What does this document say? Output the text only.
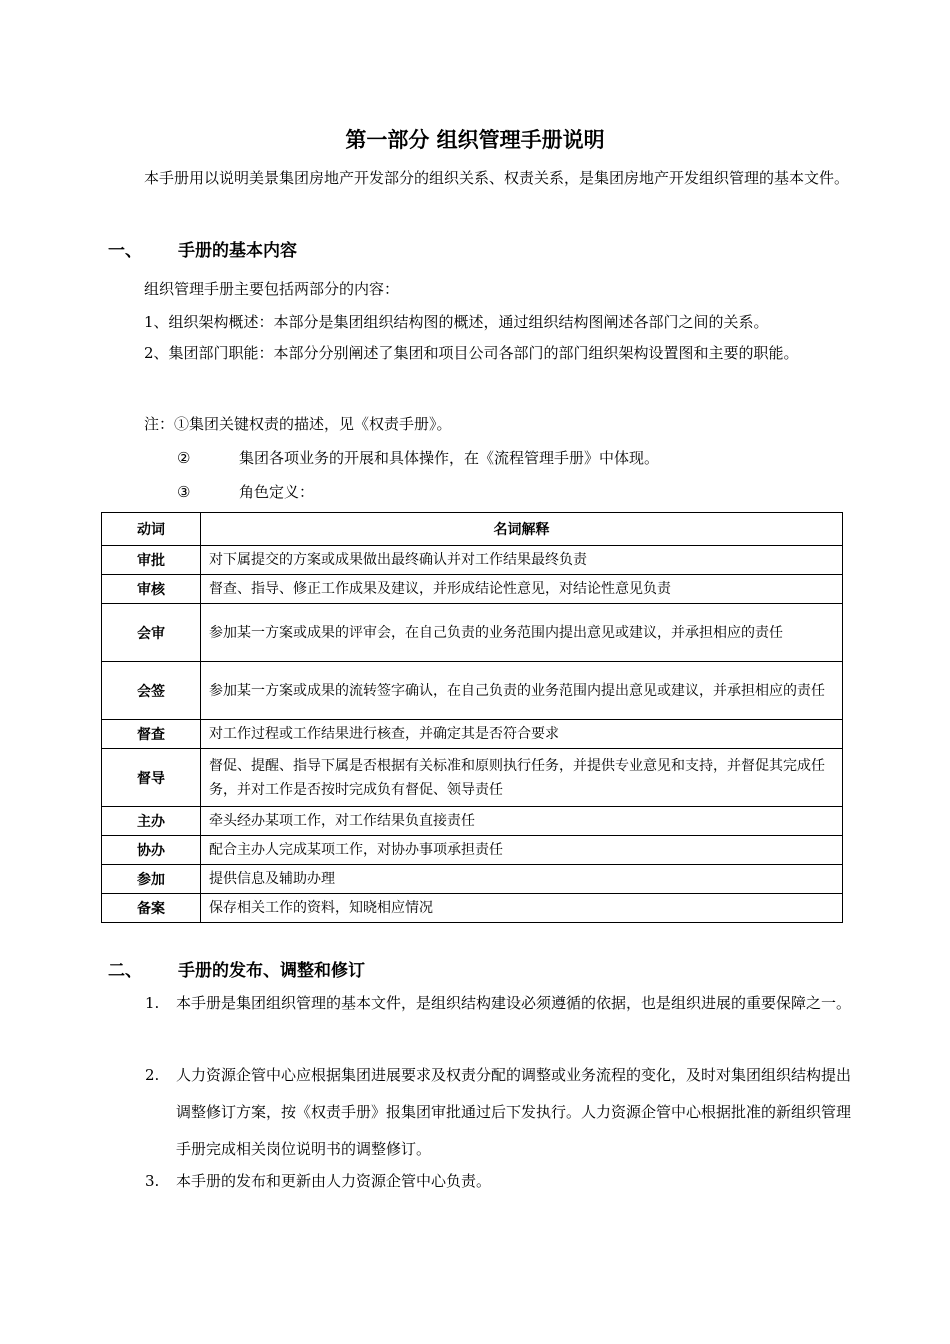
第一部分 组织管理手册说明
本手册用以说明美景集团房地产开发部分的组织关系、权责关系，是集团房地产开发组织管理的基本文件。
一、 手册的基本内容
组织管理手册主要包括两部分的内容：
1、组织架构概述：本部分是集团组织结构图的概述，通过组织结构图阐述各部门之间的关系。
2、集团部门职能：本部分分别阐述了集团和项目公司各部门的部门组织架构设置图和主要的职能。
注：①集团关键权责的描述，见《权责手册》。
②	集团各项业务的开展和具体操作，在《流程管理手册》中体现。
③	角色定义：
动词	名词解释
审批	对下属提交的方案或成果做出最终确认并对工作结果最终负责
审核	督查、指导、修正工作成果及建议，并形成结论性意见，对结论性意见负责
会审	参加某一方案或成果的评审会，在自己负责的业务范围内提出意见或建议，并承担相应的责任
会签	参加某一方案或成果的流转签字确认，在自己负责的业务范围内提出意见或建议，并承担相应的责任
督查	对工作过程或工作结果进行核查，并确定其是否符合要求
督导	督促、提醒、指导下属是否根据有关标准和原则执行任务，并提供专业意见和支持，并督促其完成任务，并对工作是否按时完成负有督促、领导责任
主办	牵头经办某项工作，对工作结果负直接责任
协办	配合主办人完成某项工作，对协办事项承担责任
参加	提供信息及辅助办理
备案	保存相关工作的资料，知晓相应情况
二、 手册的发布、调整和修订
1.	本手册是集团组织管理的基本文件，是组织结构建设必须遵循的依据，也是组织进展的重要保障之一。
2.	人力资源企管中心应根据集团进展要求及权责分配的调整或业务流程的变化，及时对集团组织结构提出调整修订方案，按《权责手册》报集团审批通过后下发执行。人力资源企管中心根据批准的新组织管理手册完成相关岗位说明书的调整修订。
3.	本手册的发布和更新由人力资源企管中心负责。
